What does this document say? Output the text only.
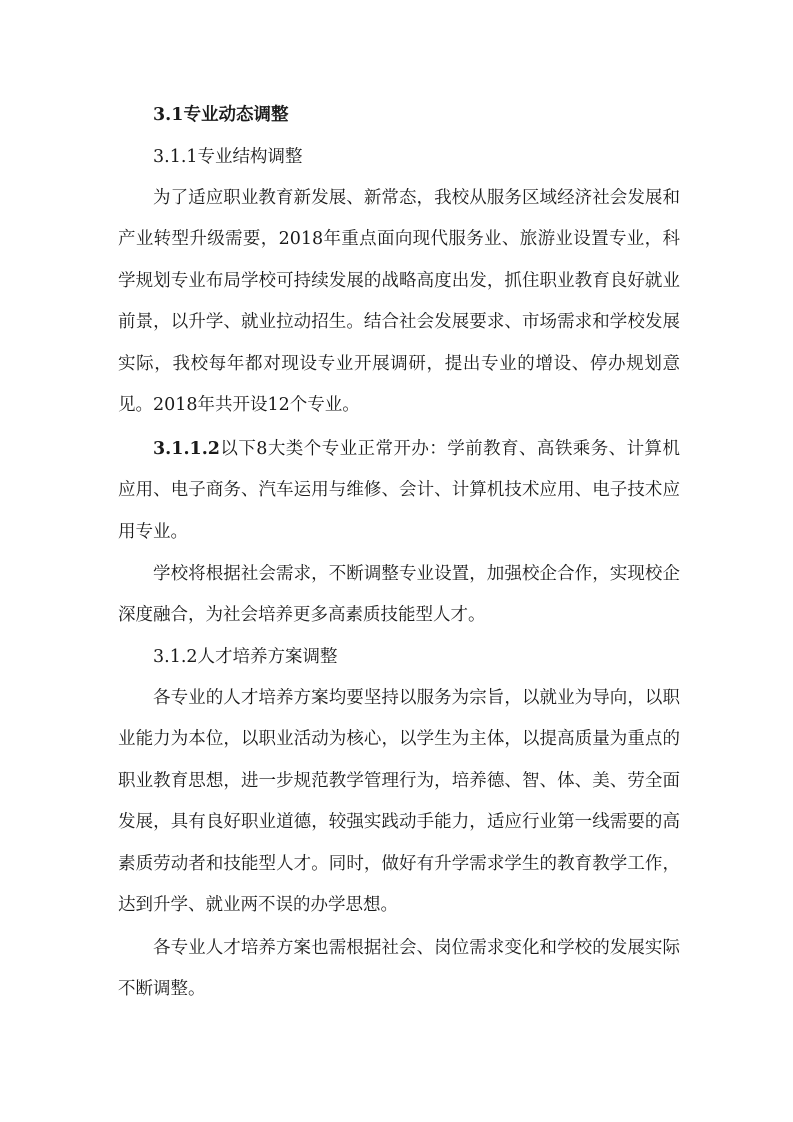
3.1专业动态调整

3.1.1专业结构调整

为了适应职业教育新发展、新常态，我校从服务区域经济社会发展和产业转型升级需要，2018年重点面向现代服务业、旅游业设置专业，科学规划专业布局学校可持续发展的战略高度出发，抓住职业教育良好就业前景，以升学、就业拉动招生。结合社会发展要求、市场需求和学校发展实际，我校每年都对现设专业开展调研，提出专业的增设、停办规划意见。2018年共开设12个专业。

3.1.1.2以下8大类个专业正常开办：学前教育、高铁乘务、计算机应用、电子商务、汽车运用与维修、会计、计算机技术应用、电子技术应用专业。

学校将根据社会需求，不断调整专业设置，加强校企合作，实现校企深度融合，为社会培养更多高素质技能型人才。

3.1.2人才培养方案调整

各专业的人才培养方案均要坚持以服务为宗旨，以就业为导向，以职业能力为本位，以职业活动为核心，以学生为主体，以提高质量为重点的职业教育思想，进一步规范教学管理行为，培养德、智、体、美、劳全面发展，具有良好职业道德，较强实践动手能力，适应行业第一线需要的高素质劳动者和技能型人才。同时，做好有升学需求学生的教育教学工作，达到升学、就业两不误的办学思想。

各专业人才培养方案也需根据社会、岗位需求变化和学校的发展实际不断调整。
